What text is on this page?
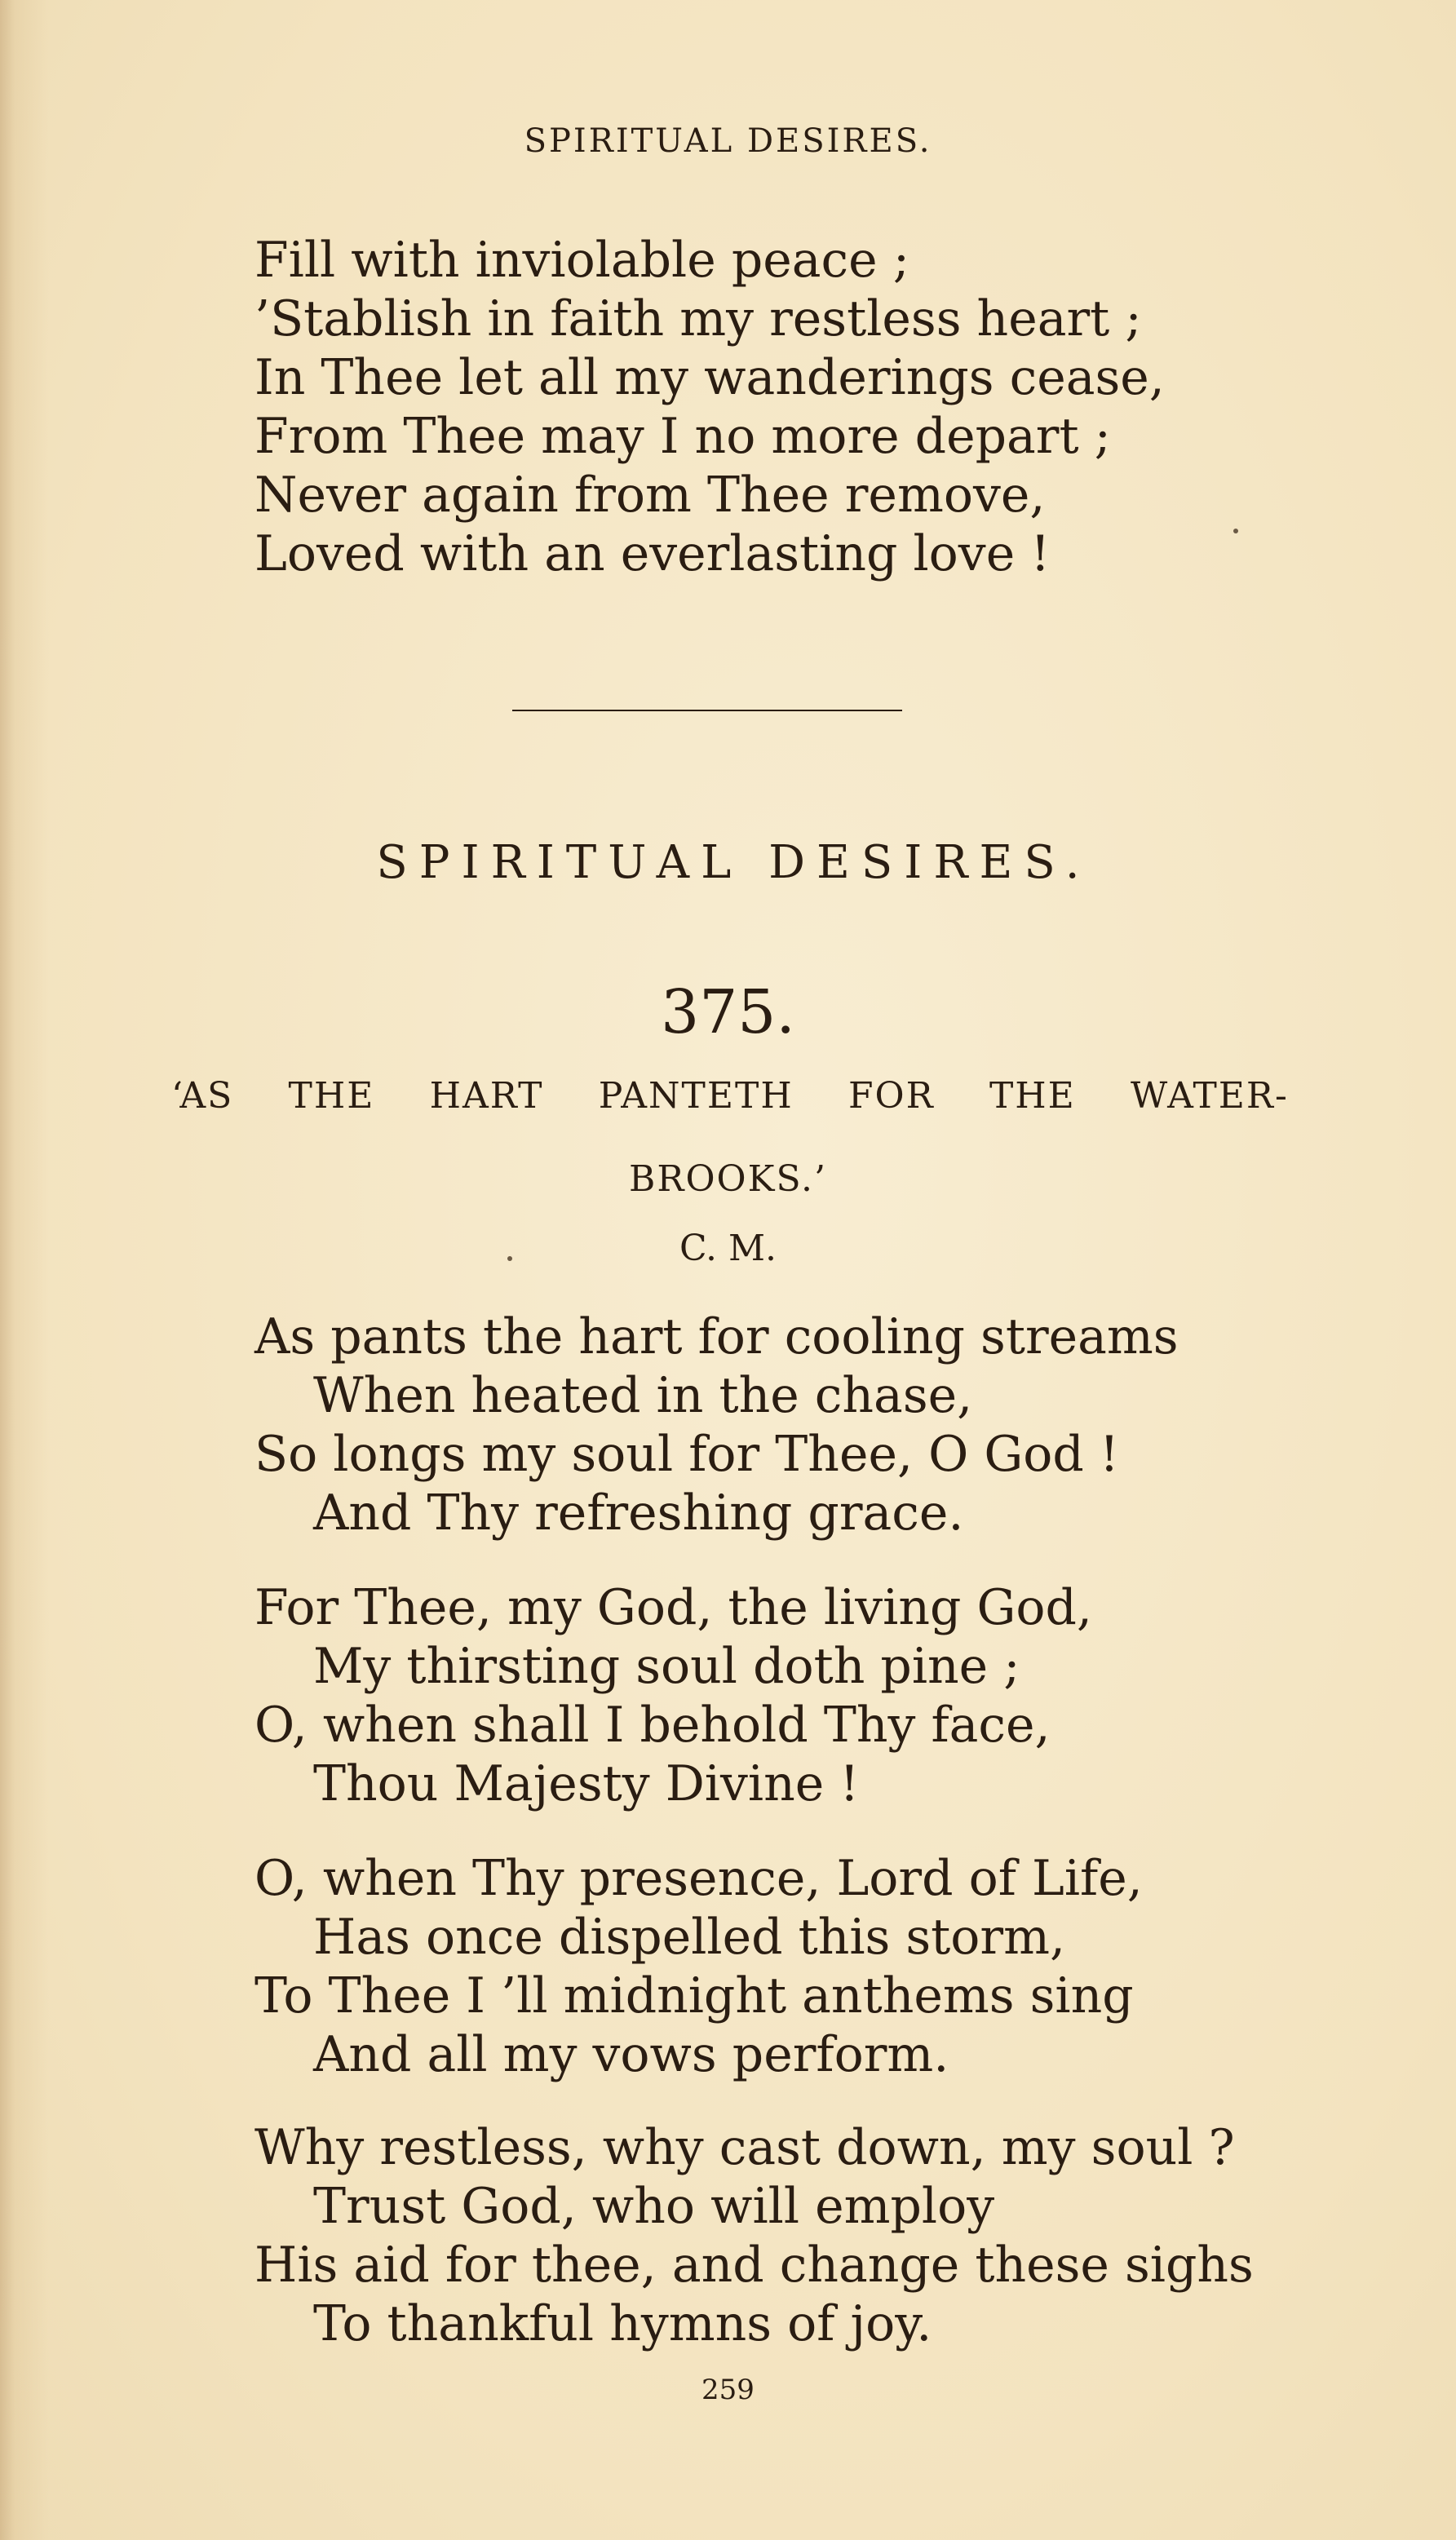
SPIRITUAL DESIRES.
Fill with inviolable peace ;
’Stablish in faith my restless heart ;
In Thee let all my wanderings cease,
From Thee may I no more depart ;
Never again from Thee remove,
Loved with an everlasting love !
SPIRITUAL DESIRES.
375.
‘AS THE HART PANTETH FOR THE WATER-
BROOKS.’
C. M.
As pants the hart for cooling streams
When heated in the chase,
So longs my soul for Thee, O God !
And Thy refreshing grace.
For Thee, my God, the living God,
My thirsting soul doth pine ;
O, when shall I behold Thy face,
Thou Majesty Divine !
O, when Thy presence, Lord of Life,
Has once dispelled this storm,
To Thee I ’ll midnight anthems sing
And all my vows perform.
Why restless, why cast down, my soul ?
Trust God, who will employ
His aid for thee, and change these sighs
To thankful hymns of joy.
259
